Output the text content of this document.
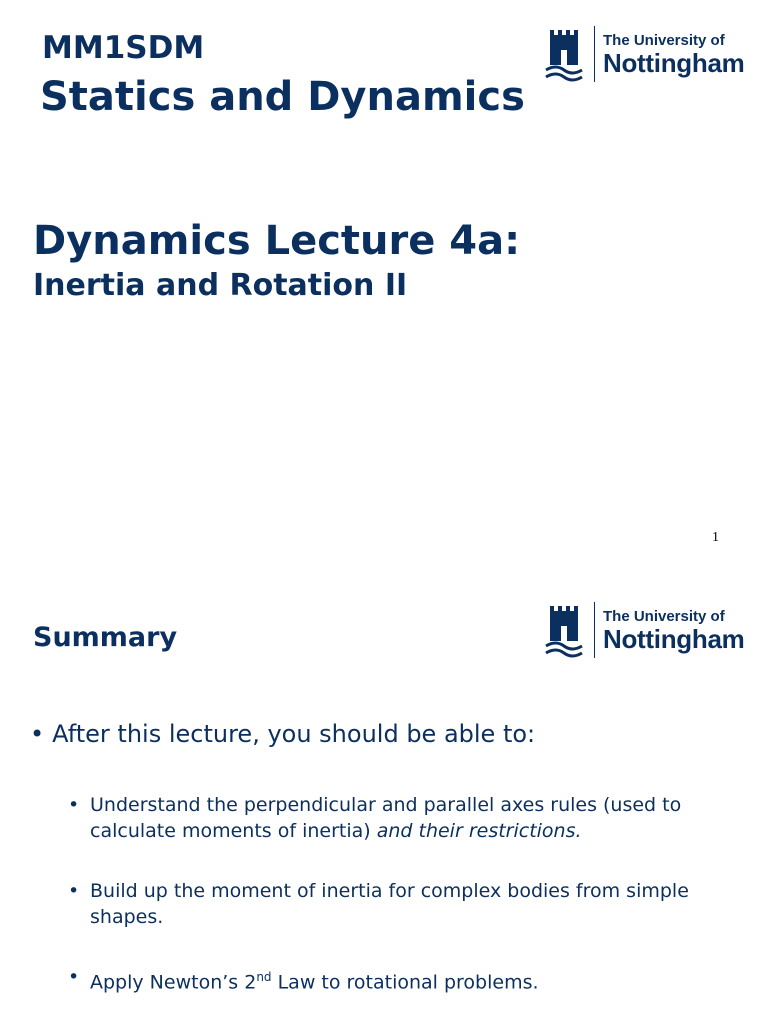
The University of
Nottingham
MM1SDM
Statics and Dynamics
Dynamics Lecture 4a:
Inertia and Rotation II
1
The University of
Nottingham
Summary
• After this lecture, you should be able to:
• Understand the perpendicular and parallel axes rules (used to calculate moments of inertia) and their restrictions.
• Build up the moment of inertia for complex bodies from simple shapes.
• Apply Newton’s 2nd Law to rotational problems.
